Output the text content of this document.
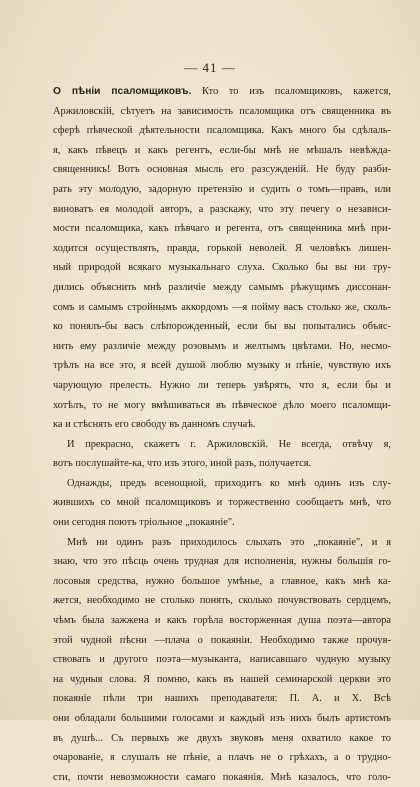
— 41 —
О пѣніи псаломщиковъ. Кто то изъ псаломщиковъ, кажется,
Аржиловскій, сѣтуетъ на зависимость псаломщика отъ священника въ
сферѣ пѣвческой дѣятельности псаломщика. Какъ много бы сдѣлаль-
я, какъ пѣвецъ и какъ регентъ, если-бы мнѣ не мѣшалъ невѣжда-
священникъ! Вотъ основная мысль его разсужденій. Не буду разби-
рать эту молодую, задорную претензію и судить о томъ—правъ, или
виноватъ ея молодой авторъ, а разскажу, что эту печегу о независи-
мости псаломщика, какъ пѣвчаго и регента, отъ священника мнѣ при-
ходится осуществлять, правда, горькой неволей. Я человѣкъ лишен-
ный природой всякаго музыкальнаго слуха. Сколько бы вы ни тру-
дились объяснить мнѣ различіе между самымъ рѣжущимъ диссонан-
сомъ и самымъ стройнымъ аккордомъ —я пойму васъ столько же, сколь-
ко понялъ-бы васъ слѣпорожденный, если бы вы попытались объяс-
нить ему различіе между розовымъ и желтымъ цвѣтами. Но, несмо-
трѣлъ на все это, я всей душой люблю музыку и пѣніе, чувствую ихъ
чарующую прелесть. Нужно ли теперь увѣрять, что я, если бы и
хотѣлъ, то не могу вмѣшиваться въ пѣвческое дѣло моего псаломщи-
ка и стѣснять его свободу въ данномъ случаѣ.
И прекрасно, скажетъ г. Аржиловскій. Не всегда, отвѣчу я,
вотъ послушайте-ка, что изъ этого, иной разъ, получается.
Однажды, предъ всенощной, приходитъ ко мнѣ одинъ изъ слу-
жившихъ со мной псаломщиковъ и торжественно сообщаетъ мнѣ, что
они сегодня поютъ трiольное „покаяніе".
Мнѣ ни одинъ разъ приходилось слыхать это „покаяніе", и я
знаю, что это пѣсць очень трудная для исполненія, нужны большія го-
лосовыя средства, нужно большое умѣнье, а главное, какъ мнѣ ка-
жется, необходимо не столько понять, сколько почувствовать сердцемъ,
чѣмъ была зажжена и какъ горѣла восторженная душа поэта—автора
этой чудной пѣсни —плача о покаяніи. Необходимо также прочув-
ствовать и другого поэта—музыканта, написавшаго чудную музыку
на чудныя слова. Я помню, какъ въ нашей семинарской церкви это
покаяніе пѣли три нашихъ преподавателя: П. А. и Х. Всѣ
они обладали большими голосами и каждый изъ нихъ былъ артистомъ
въ душѣ... Съ первыхъ же двухъ звуковъ меня охватило какое то
очарованіе, я слушалъ не пѣніе, а плачъ не о грѣхахъ, а о трудно-
сти, почти невозможности самаго покаянія. Мнѣ казалось, что голо-
